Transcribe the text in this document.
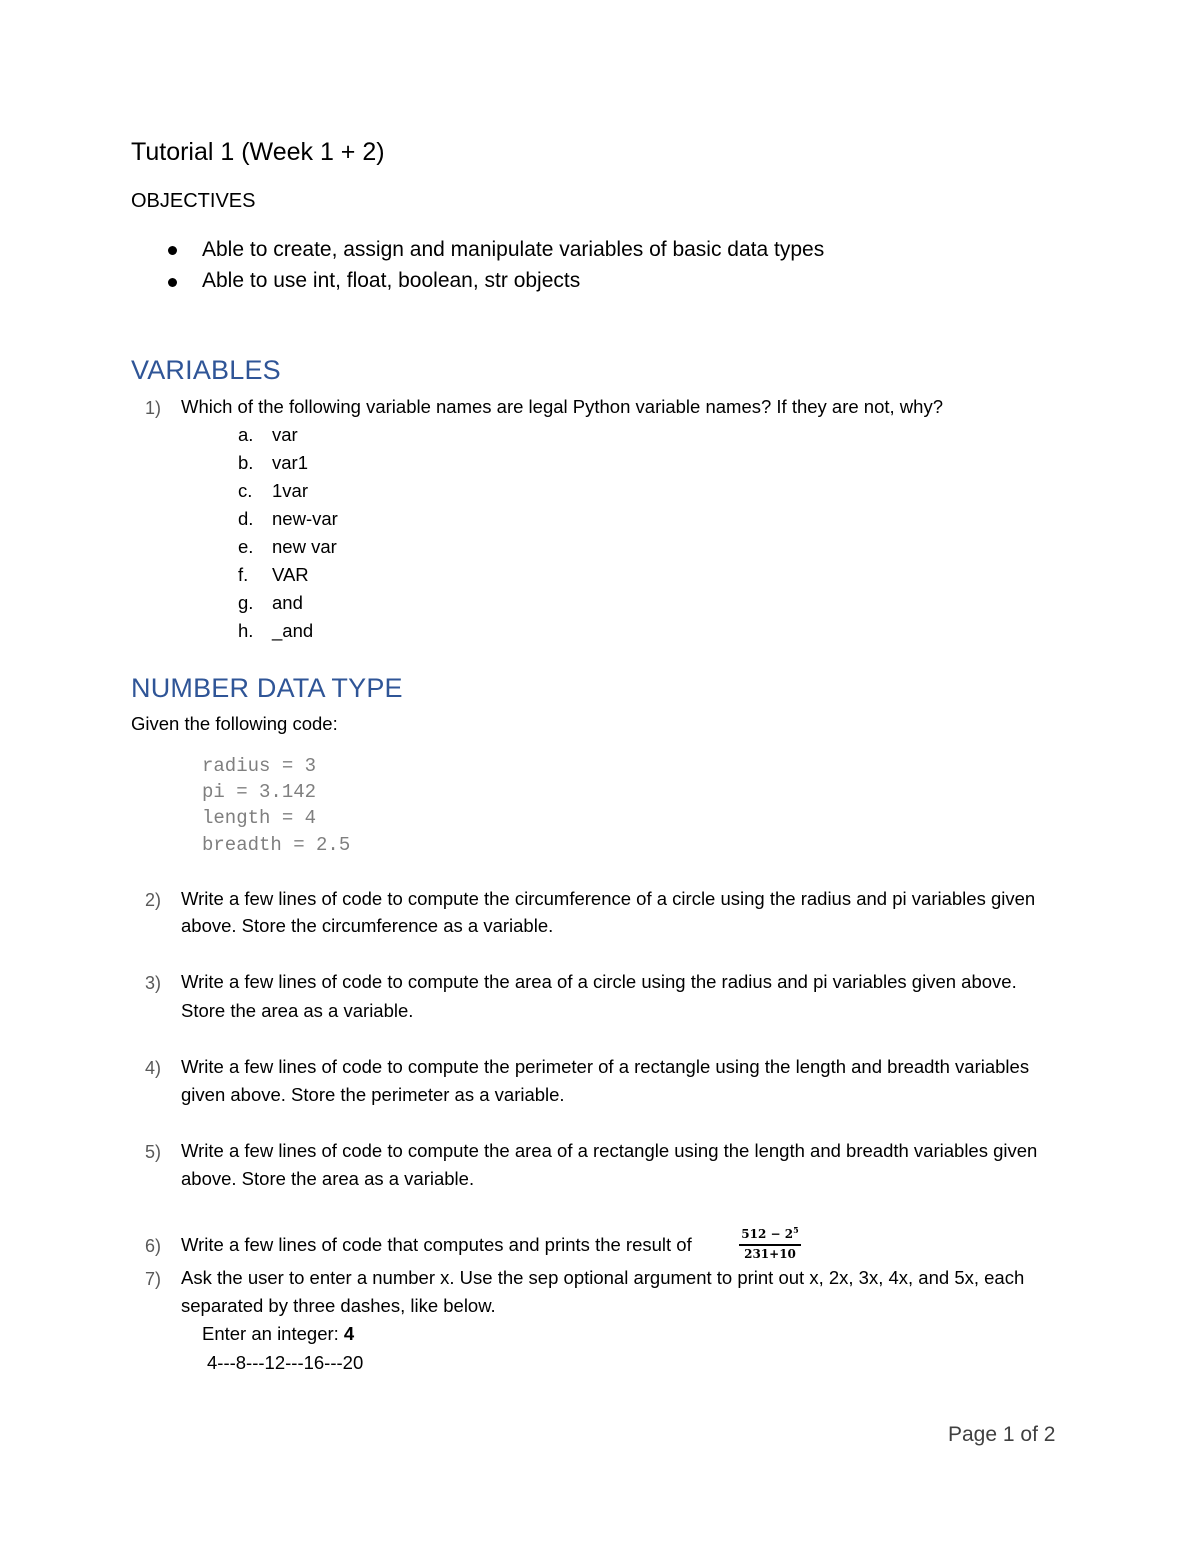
Tutorial 1 (Week 1 + 2)
OBJECTIVES
Able to create, assign and manipulate variables of basic data types
Able to use int, float, boolean, str objects
VARIABLES
1) Which of the following variable names are legal Python variable names? If they are not, why?
a. var
b. var1
c. 1var
d. new-var
e. new var
f. VAR
g. and
h. _and
NUMBER DATA TYPE
Given the following code:
radius = 3
pi = 3.142
length = 4
breadth = 2.5
2) Write a few lines of code to compute the circumference of a circle using the radius and pi variables given
above. Store the circumference as a variable.
3) Write a few lines of code to compute the area of a circle using the radius and pi variables given above.
Store the area as a variable.
4) Write a few lines of code to compute the perimeter of a rectangle using the length and breadth variables
given above. Store the perimeter as a variable.
5) Write a few lines of code to compute the area of a rectangle using the length and breadth variables given
above. Store the area as a variable.
6) Write a few lines of code that computes and prints the result of	$512 - 2^5$
231+10
7) Ask the user to enter a number x. Use the sep optional argument to print out x, 2x, 3x, 4x, and 5x, each
separated by three dashes, like below.
Enter an integer: 4
4---8---12---16---20
Page 1 of 2
